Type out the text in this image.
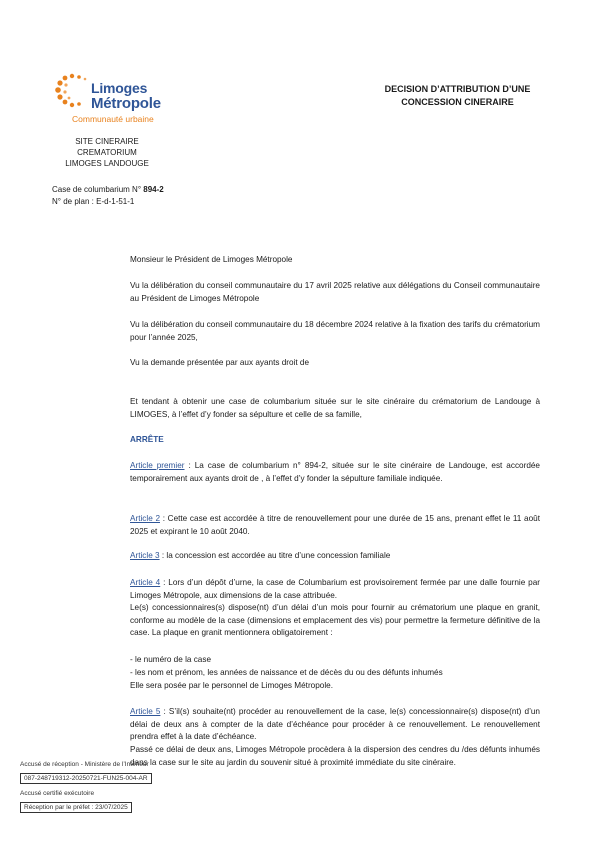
Limoges
Métropole
Communauté urbaine
SITE CINERAIRE
CREMATORIUM
LIMOGES LANDOUGE
Case de columbarium N° 894-2
N° de plan : E-d-1-51-1
DECISION D’ATTRIBUTION D’UNE
CONCESSION CINERAIRE

Monsieur le Président de Limoges Métropole

Vu la délibération du conseil communautaire du 17 avril 2025 relative aux délégations du Conseil communautaire au Président de Limoges Métropole

Vu la délibération du conseil communautaire du 18 décembre 2024 relative à la fixation des tarifs du crématorium pour l’année 2025,

Vu la demande présentée par aux ayants droit de

Et tendant à obtenir une case de columbarium située sur le site cinéraire du crématorium de Landouge à LIMOGES, à l’effet d’y fonder sa sépulture et celle de sa famille,

ARRÊTE

Article premier : La case de columbarium n° 894-2, située sur le site cinéraire de Landouge, est accordée temporairement aux ayants droit de , à l’effet d’y fonder la sépulture familiale indiquée.

Article 2 : Cette case est accordée à titre de renouvellement pour une durée de 15 ans, prenant effet le 11 août 2025 et expirant le 10 août 2040.

Article 3 : la concession est accordée au titre d’une concession familiale

Article 4 : Lors d’un dépôt d’urne, la case de Columbarium est provisoirement fermée par une dalle fournie par Limoges Métropole, aux dimensions de la case attribuée.

Le(s) concessionnaires(s) dispose(nt) d’un délai d’un mois pour fournir au crématorium une plaque en granit, conforme au modèle de la case (dimensions et emplacement des vis) pour permettre la fermeture définitive de la case. La plaque en granit mentionnera obligatoirement :

- le numéro de la case

- les nom et prénom, les années de naissance et de décès du ou des défunts inhumés

Elle sera posée par le personnel de Limoges Métropole.

Article 5 : S’il(s) souhaite(nt) procéder au renouvellement de la case, le(s) concessionnaire(s) dispose(nt) d’un délai de deux ans à compter de la date d’échéance pour procéder à ce renouvellement. Le renouvellement prendra effet à la date d’échéance.

Passé ce délai de deux ans, Limoges Métropole procèdera à la dispersion des cendres du /des défunts inhumés dans la case sur le site au jardin du souvenir situé à proximité immédiate du site cinéraire.

Accusé de réception - Ministère de l’Intérieur
087-248719312-20250721-FUN25-004-AR
Accusé certifié exécutoire
Réception par le préfet : 23/07/2025
